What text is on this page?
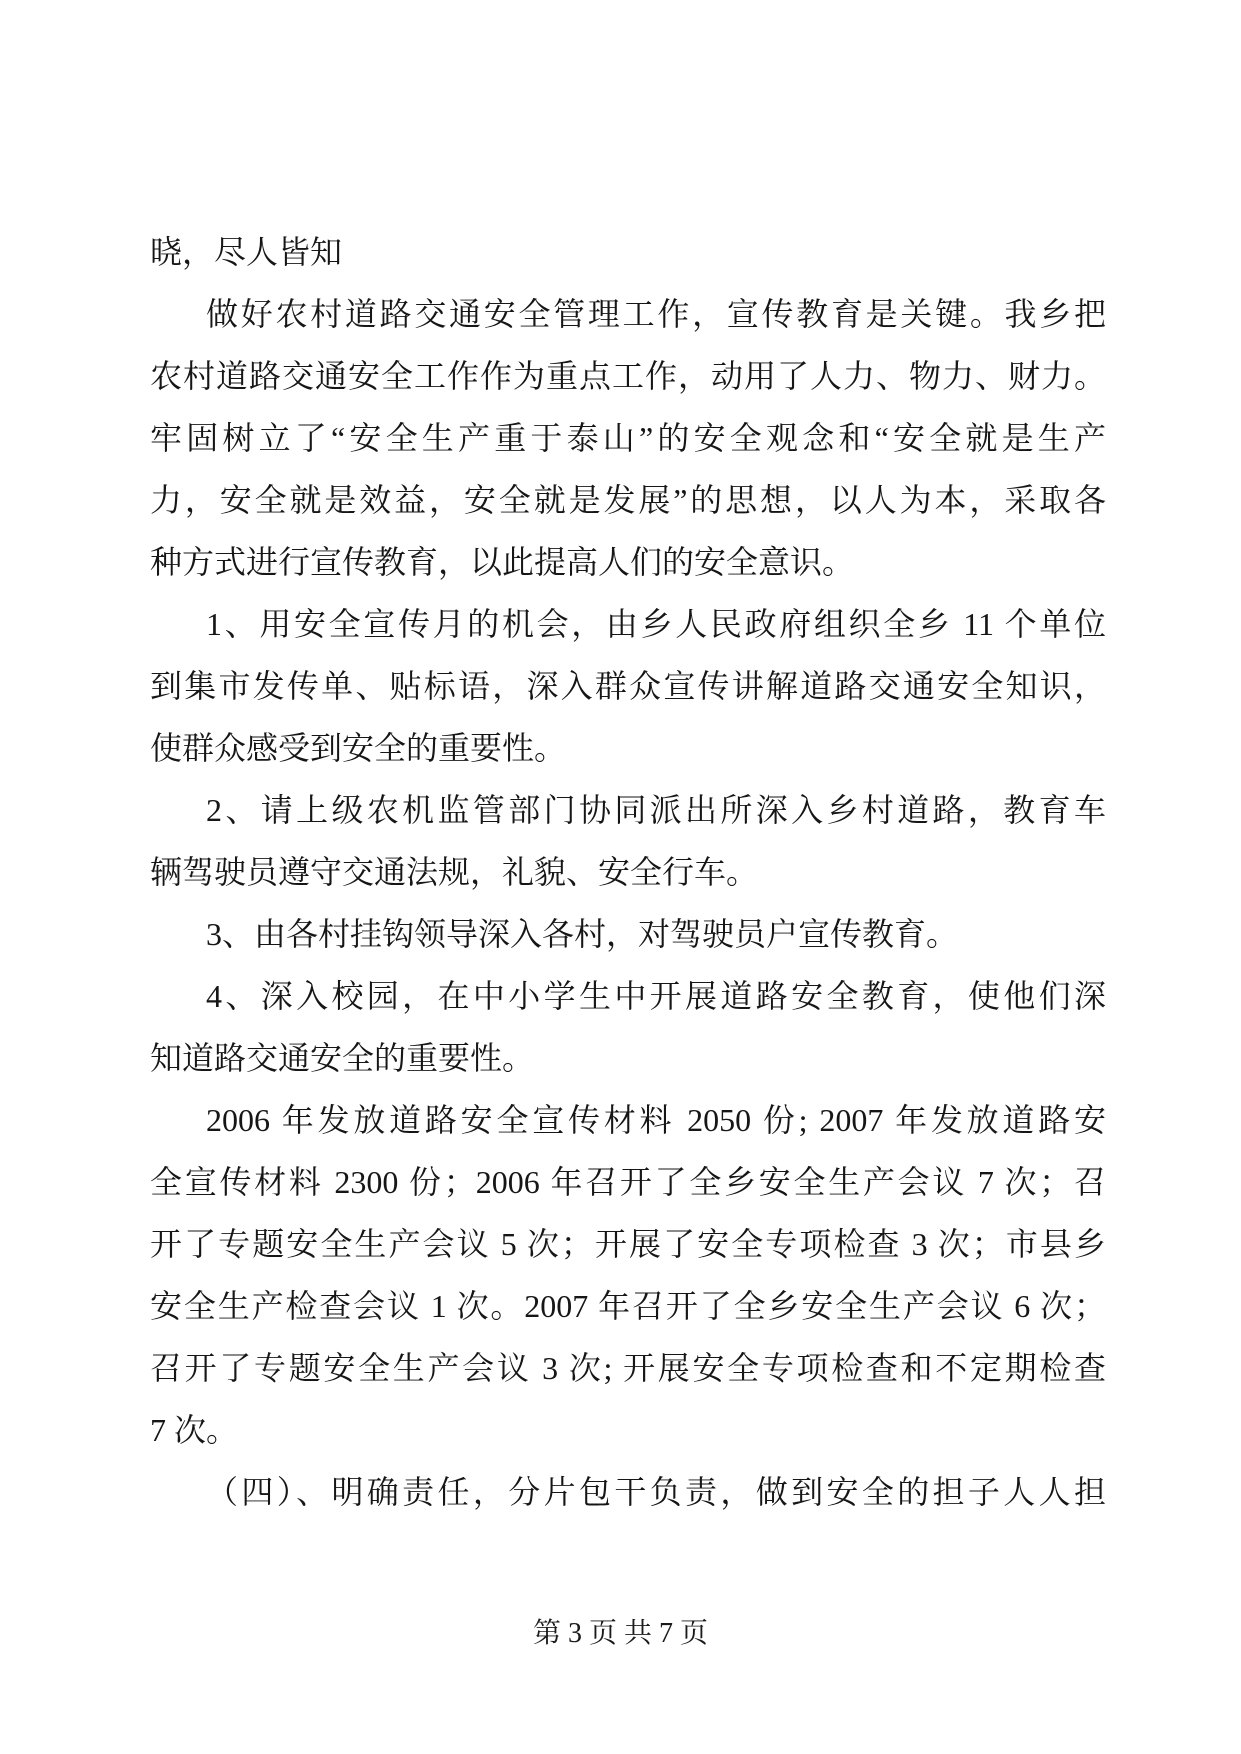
晓，尽人皆知
做好农村道路交通安全管理工作，宣传教育是关键。我乡把
农村道路交通安全工作作为重点工作，动用了人力、物力、财力。
牢固树立了“安全生产重于泰山”的安全观念和“安全就是生产
力，安全就是效益，安全就是发展”的思想，以人为本，采取各
种方式进行宣传教育，以此提高人们的安全意识。
1、用安全宣传月的机会，由乡人民政府组织全乡 11 个单位
到集市发传单、贴标语，深入群众宣传讲解道路交通安全知识，
使群众感受到安全的重要性。
2、请上级农机监管部门协同派出所深入乡村道路，教育车
辆驾驶员遵守交通法规，礼貌、安全行车。
3、由各村挂钩领导深入各村，对驾驶员户宣传教育。
4、深入校园，在中小学生中开展道路安全教育，使他们深
知道路交通安全的重要性。
2006 年发放道路安全宣传材料 2050 份; 2007 年发放道路安
全宣传材料 2300 份；2006 年召开了全乡安全生产会议 7 次；召
开了专题安全生产会议 5 次；开展了安全专项检查 3 次；市县乡
安全生产检查会议 1 次。2007 年召开了全乡安全生产会议 6 次；
召开了专题安全生产会议 3 次; 开展安全专项检查和不定期检查
7 次。
（四）、明确责任，分片包干负责，做到安全的担子人人担
第 3 页 共 7 页
